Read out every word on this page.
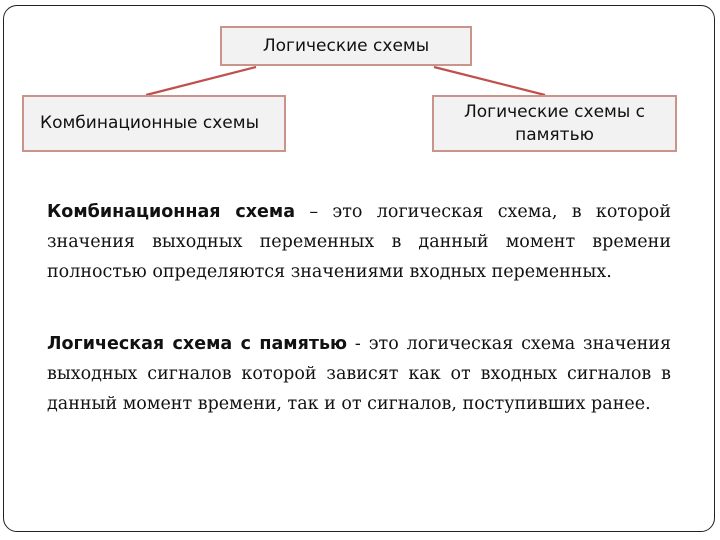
Логические схемы
Комбинационные схемы
Логические схемы с памятью

Комбинационная схема – это логическая схема, в которой значения выходных переменных в данный момент времени полностью определяются значениями входных переменных.

Логическая схема с памятью - это логическая схема значения выходных сигналов которой зависят как от входных сигналов в данный момент времени, так и от сигналов, поступивших ранее.
